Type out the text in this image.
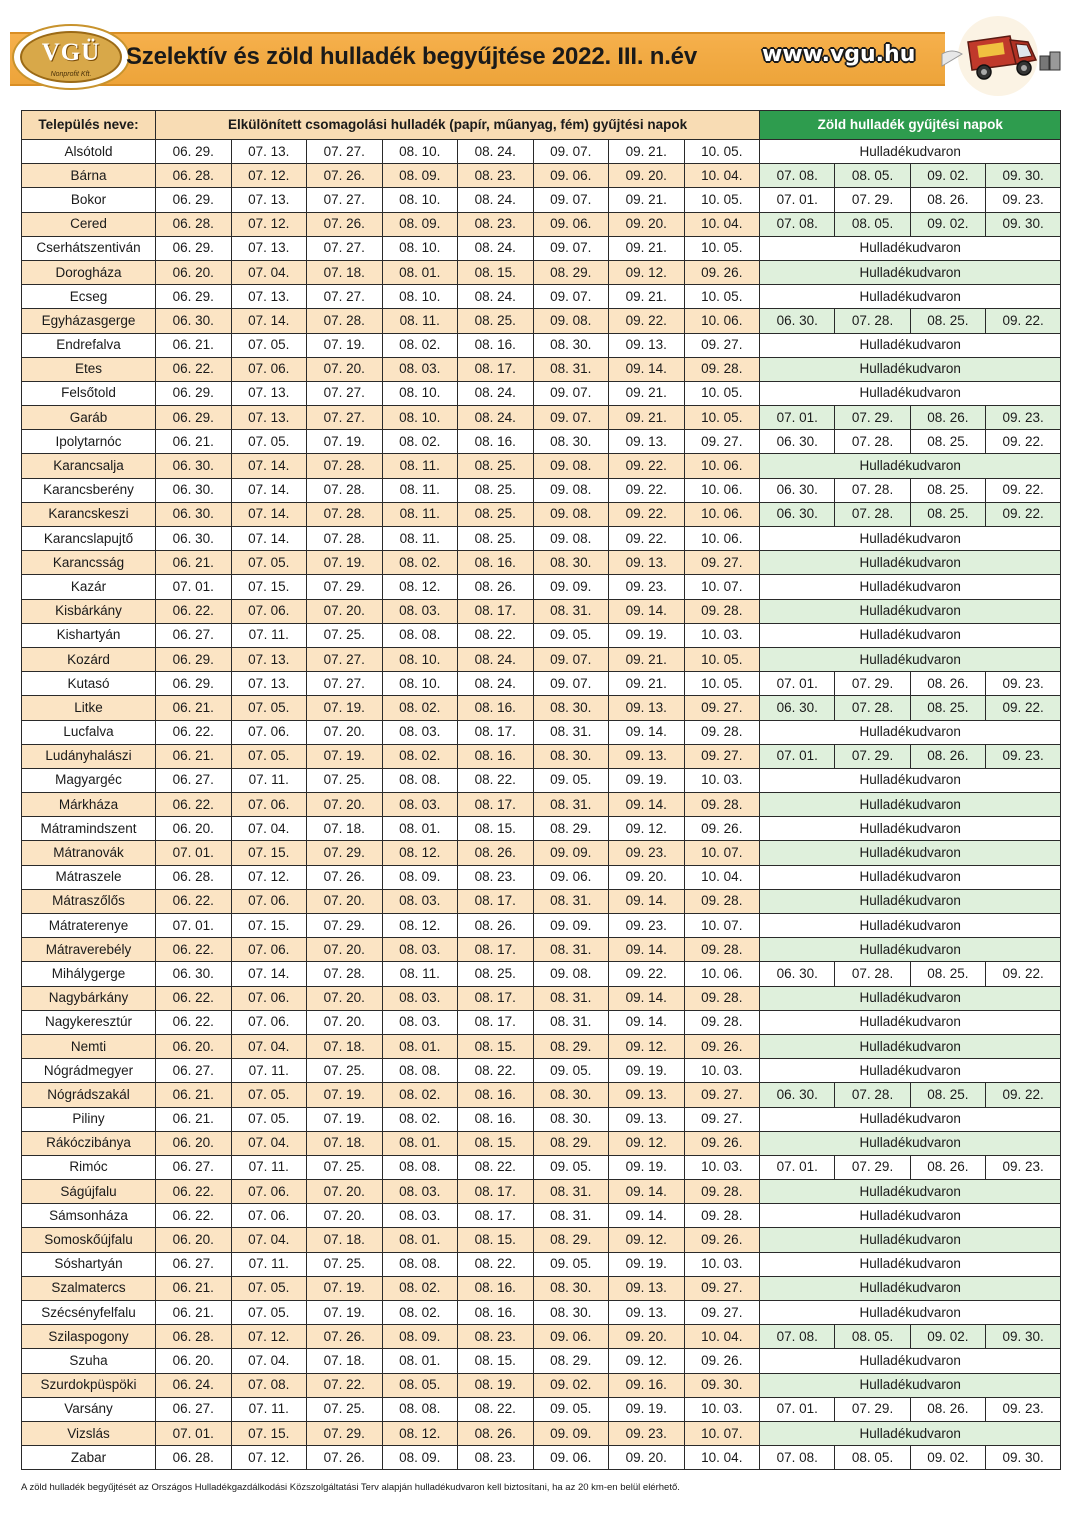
VGÜ
Nonprofit Kft.
Szelektív és zöld hulladék begyűjtése 2022. III. n.év	www.vgu.hu
Település neve:	Elkülönített csomagolási hulladék (papír, műanyag, fém) gyűjtési napok								Zöld hulladék gyűjtési napok			
Alsótold	06. 29.	07. 13.	07. 27.	08. 10.	08. 24.	09. 07.	09. 21.	10. 05.	Hulladékudvaron			
Bárna	06. 28.	07. 12.	07. 26.	08. 09.	08. 23.	09. 06.	09. 20.	10. 04.	07. 08.	08. 05.	09. 02.	09. 30.
Bokor	06. 29.	07. 13.	07. 27.	08. 10.	08. 24.	09. 07.	09. 21.	10. 05.	07. 01.	07. 29.	08. 26.	09. 23.
Cered	06. 28.	07. 12.	07. 26.	08. 09.	08. 23.	09. 06.	09. 20.	10. 04.	07. 08.	08. 05.	09. 02.	09. 30.
Cserhátszentiván	06. 29.	07. 13.	07. 27.	08. 10.	08. 24.	09. 07.	09. 21.	10. 05.	Hulladékudvaron			
Dorogháza	06. 20.	07. 04.	07. 18.	08. 01.	08. 15.	08. 29.	09. 12.	09. 26.	Hulladékudvaron			
Ecseg	06. 29.	07. 13.	07. 27.	08. 10.	08. 24.	09. 07.	09. 21.	10. 05.	Hulladékudvaron			
Egyházasgerge	06. 30.	07. 14.	07. 28.	08. 11.	08. 25.	09. 08.	09. 22.	10. 06.	06. 30.	07. 28.	08. 25.	09. 22.
Endrefalva	06. 21.	07. 05.	07. 19.	08. 02.	08. 16.	08. 30.	09. 13.	09. 27.	Hulladékudvaron			
Etes	06. 22.	07. 06.	07. 20.	08. 03.	08. 17.	08. 31.	09. 14.	09. 28.	Hulladékudvaron			
Felsőtold	06. 29.	07. 13.	07. 27.	08. 10.	08. 24.	09. 07.	09. 21.	10. 05.	Hulladékudvaron			
Garáb	06. 29.	07. 13.	07. 27.	08. 10.	08. 24.	09. 07.	09. 21.	10. 05.	07. 01.	07. 29.	08. 26.	09. 23.
Ipolytarnóc	06. 21.	07. 05.	07. 19.	08. 02.	08. 16.	08. 30.	09. 13.	09. 27.	06. 30.	07. 28.	08. 25.	09. 22.
Karancsalja	06. 30.	07. 14.	07. 28.	08. 11.	08. 25.	09. 08.	09. 22.	10. 06.	Hulladékudvaron			
Karancsberény	06. 30.	07. 14.	07. 28.	08. 11.	08. 25.	09. 08.	09. 22.	10. 06.	06. 30.	07. 28.	08. 25.	09. 22.
Karancskeszi	06. 30.	07. 14.	07. 28.	08. 11.	08. 25.	09. 08.	09. 22.	10. 06.	06. 30.	07. 28.	08. 25.	09. 22.
Karancslapujtő	06. 30.	07. 14.	07. 28.	08. 11.	08. 25.	09. 08.	09. 22.	10. 06.	Hulladékudvaron			
Karancsság	06. 21.	07. 05.	07. 19.	08. 02.	08. 16.	08. 30.	09. 13.	09. 27.	Hulladékudvaron			
Kazár	07. 01.	07. 15.	07. 29.	08. 12.	08. 26.	09. 09.	09. 23.	10. 07.	Hulladékudvaron			
Kisbárkány	06. 22.	07. 06.	07. 20.	08. 03.	08. 17.	08. 31.	09. 14.	09. 28.	Hulladékudvaron			
Kishartyán	06. 27.	07. 11.	07. 25.	08. 08.	08. 22.	09. 05.	09. 19.	10. 03.	Hulladékudvaron			
Kozárd	06. 29.	07. 13.	07. 27.	08. 10.	08. 24.	09. 07.	09. 21.	10. 05.	Hulladékudvaron			
Kutasó	06. 29.	07. 13.	07. 27.	08. 10.	08. 24.	09. 07.	09. 21.	10. 05.	07. 01.	07. 29.	08. 26.	09. 23.
Litke	06. 21.	07. 05.	07. 19.	08. 02.	08. 16.	08. 30.	09. 13.	09. 27.	06. 30.	07. 28.	08. 25.	09. 22.
Lucfalva	06. 22.	07. 06.	07. 20.	08. 03.	08. 17.	08. 31.	09. 14.	09. 28.	Hulladékudvaron			
Ludányhalászi	06. 21.	07. 05.	07. 19.	08. 02.	08. 16.	08. 30.	09. 13.	09. 27.	07. 01.	07. 29.	08. 26.	09. 23.
Magyargéc	06. 27.	07. 11.	07. 25.	08. 08.	08. 22.	09. 05.	09. 19.	10. 03.	Hulladékudvaron			
Márkháza	06. 22.	07. 06.	07. 20.	08. 03.	08. 17.	08. 31.	09. 14.	09. 28.	Hulladékudvaron			
Mátramindszent	06. 20.	07. 04.	07. 18.	08. 01.	08. 15.	08. 29.	09. 12.	09. 26.	Hulladékudvaron			
Mátranovák	07. 01.	07. 15.	07. 29.	08. 12.	08. 26.	09. 09.	09. 23.	10. 07.	Hulladékudvaron			
Mátraszele	06. 28.	07. 12.	07. 26.	08. 09.	08. 23.	09. 06.	09. 20.	10. 04.	Hulladékudvaron			
Mátraszőlős	06. 22.	07. 06.	07. 20.	08. 03.	08. 17.	08. 31.	09. 14.	09. 28.	Hulladékudvaron			
Mátraterenye	07. 01.	07. 15.	07. 29.	08. 12.	08. 26.	09. 09.	09. 23.	10. 07.	Hulladékudvaron			
Mátraverebély	06. 22.	07. 06.	07. 20.	08. 03.	08. 17.	08. 31.	09. 14.	09. 28.	Hulladékudvaron			
Mihálygerge	06. 30.	07. 14.	07. 28.	08. 11.	08. 25.	09. 08.	09. 22.	10. 06.	06. 30.	07. 28.	08. 25.	09. 22.
Nagybárkány	06. 22.	07. 06.	07. 20.	08. 03.	08. 17.	08. 31.	09. 14.	09. 28.	Hulladékudvaron			
Nagykeresztúr	06. 22.	07. 06.	07. 20.	08. 03.	08. 17.	08. 31.	09. 14.	09. 28.	Hulladékudvaron			
Nemti	06. 20.	07. 04.	07. 18.	08. 01.	08. 15.	08. 29.	09. 12.	09. 26.	Hulladékudvaron			
Nógrádmegyer	06. 27.	07. 11.	07. 25.	08. 08.	08. 22.	09. 05.	09. 19.	10. 03.	Hulladékudvaron			
Nógrádszakál	06. 21.	07. 05.	07. 19.	08. 02.	08. 16.	08. 30.	09. 13.	09. 27.	06. 30.	07. 28.	08. 25.	09. 22.
Piliny	06. 21.	07. 05.	07. 19.	08. 02.	08. 16.	08. 30.	09. 13.	09. 27.	Hulladékudvaron			
Rákóczibánya	06. 20.	07. 04.	07. 18.	08. 01.	08. 15.	08. 29.	09. 12.	09. 26.	Hulladékudvaron			
Rimóc	06. 27.	07. 11.	07. 25.	08. 08.	08. 22.	09. 05.	09. 19.	10. 03.	07. 01.	07. 29.	08. 26.	09. 23.
Ságújfalu	06. 22.	07. 06.	07. 20.	08. 03.	08. 17.	08. 31.	09. 14.	09. 28.	Hulladékudvaron			
Sámsonháza	06. 22.	07. 06.	07. 20.	08. 03.	08. 17.	08. 31.	09. 14.	09. 28.	Hulladékudvaron			
Somoskőújfalu	06. 20.	07. 04.	07. 18.	08. 01.	08. 15.	08. 29.	09. 12.	09. 26.	Hulladékudvaron			
Sóshartyán	06. 27.	07. 11.	07. 25.	08. 08.	08. 22.	09. 05.	09. 19.	10. 03.	Hulladékudvaron			
Szalmatercs	06. 21.	07. 05.	07. 19.	08. 02.	08. 16.	08. 30.	09. 13.	09. 27.	Hulladékudvaron			
Szécsényfelfalu	06. 21.	07. 05.	07. 19.	08. 02.	08. 16.	08. 30.	09. 13.	09. 27.	Hulladékudvaron			
Szilaspogony	06. 28.	07. 12.	07. 26.	08. 09.	08. 23.	09. 06.	09. 20.	10. 04.	07. 08.	08. 05.	09. 02.	09. 30.
Szuha	06. 20.	07. 04.	07. 18.	08. 01.	08. 15.	08. 29.	09. 12.	09. 26.	Hulladékudvaron			
Szurdokpüspöki	06. 24.	07. 08.	07. 22.	08. 05.	08. 19.	09. 02.	09. 16.	09. 30.	Hulladékudvaron			
Varsány	06. 27.	07. 11.	07. 25.	08. 08.	08. 22.	09. 05.	09. 19.	10. 03.	07. 01.	07. 29.	08. 26.	09. 23.
Vizslás	07. 01.	07. 15.	07. 29.	08. 12.	08. 26.	09. 09.	09. 23.	10. 07.	Hulladékudvaron			
Zabar	06. 28.	07. 12.	07. 26.	08. 09.	08. 23.	09. 06.	09. 20.	10. 04.	07. 08.	08. 05.	09. 02.	09. 30.
A zöld hulladék begyűjtését az Országos Hulladékgazdálkodási Közszolgáltatási Terv alapján hulladékudvaron kell biztosítani, ha az 20 km-en belül elérhető.
